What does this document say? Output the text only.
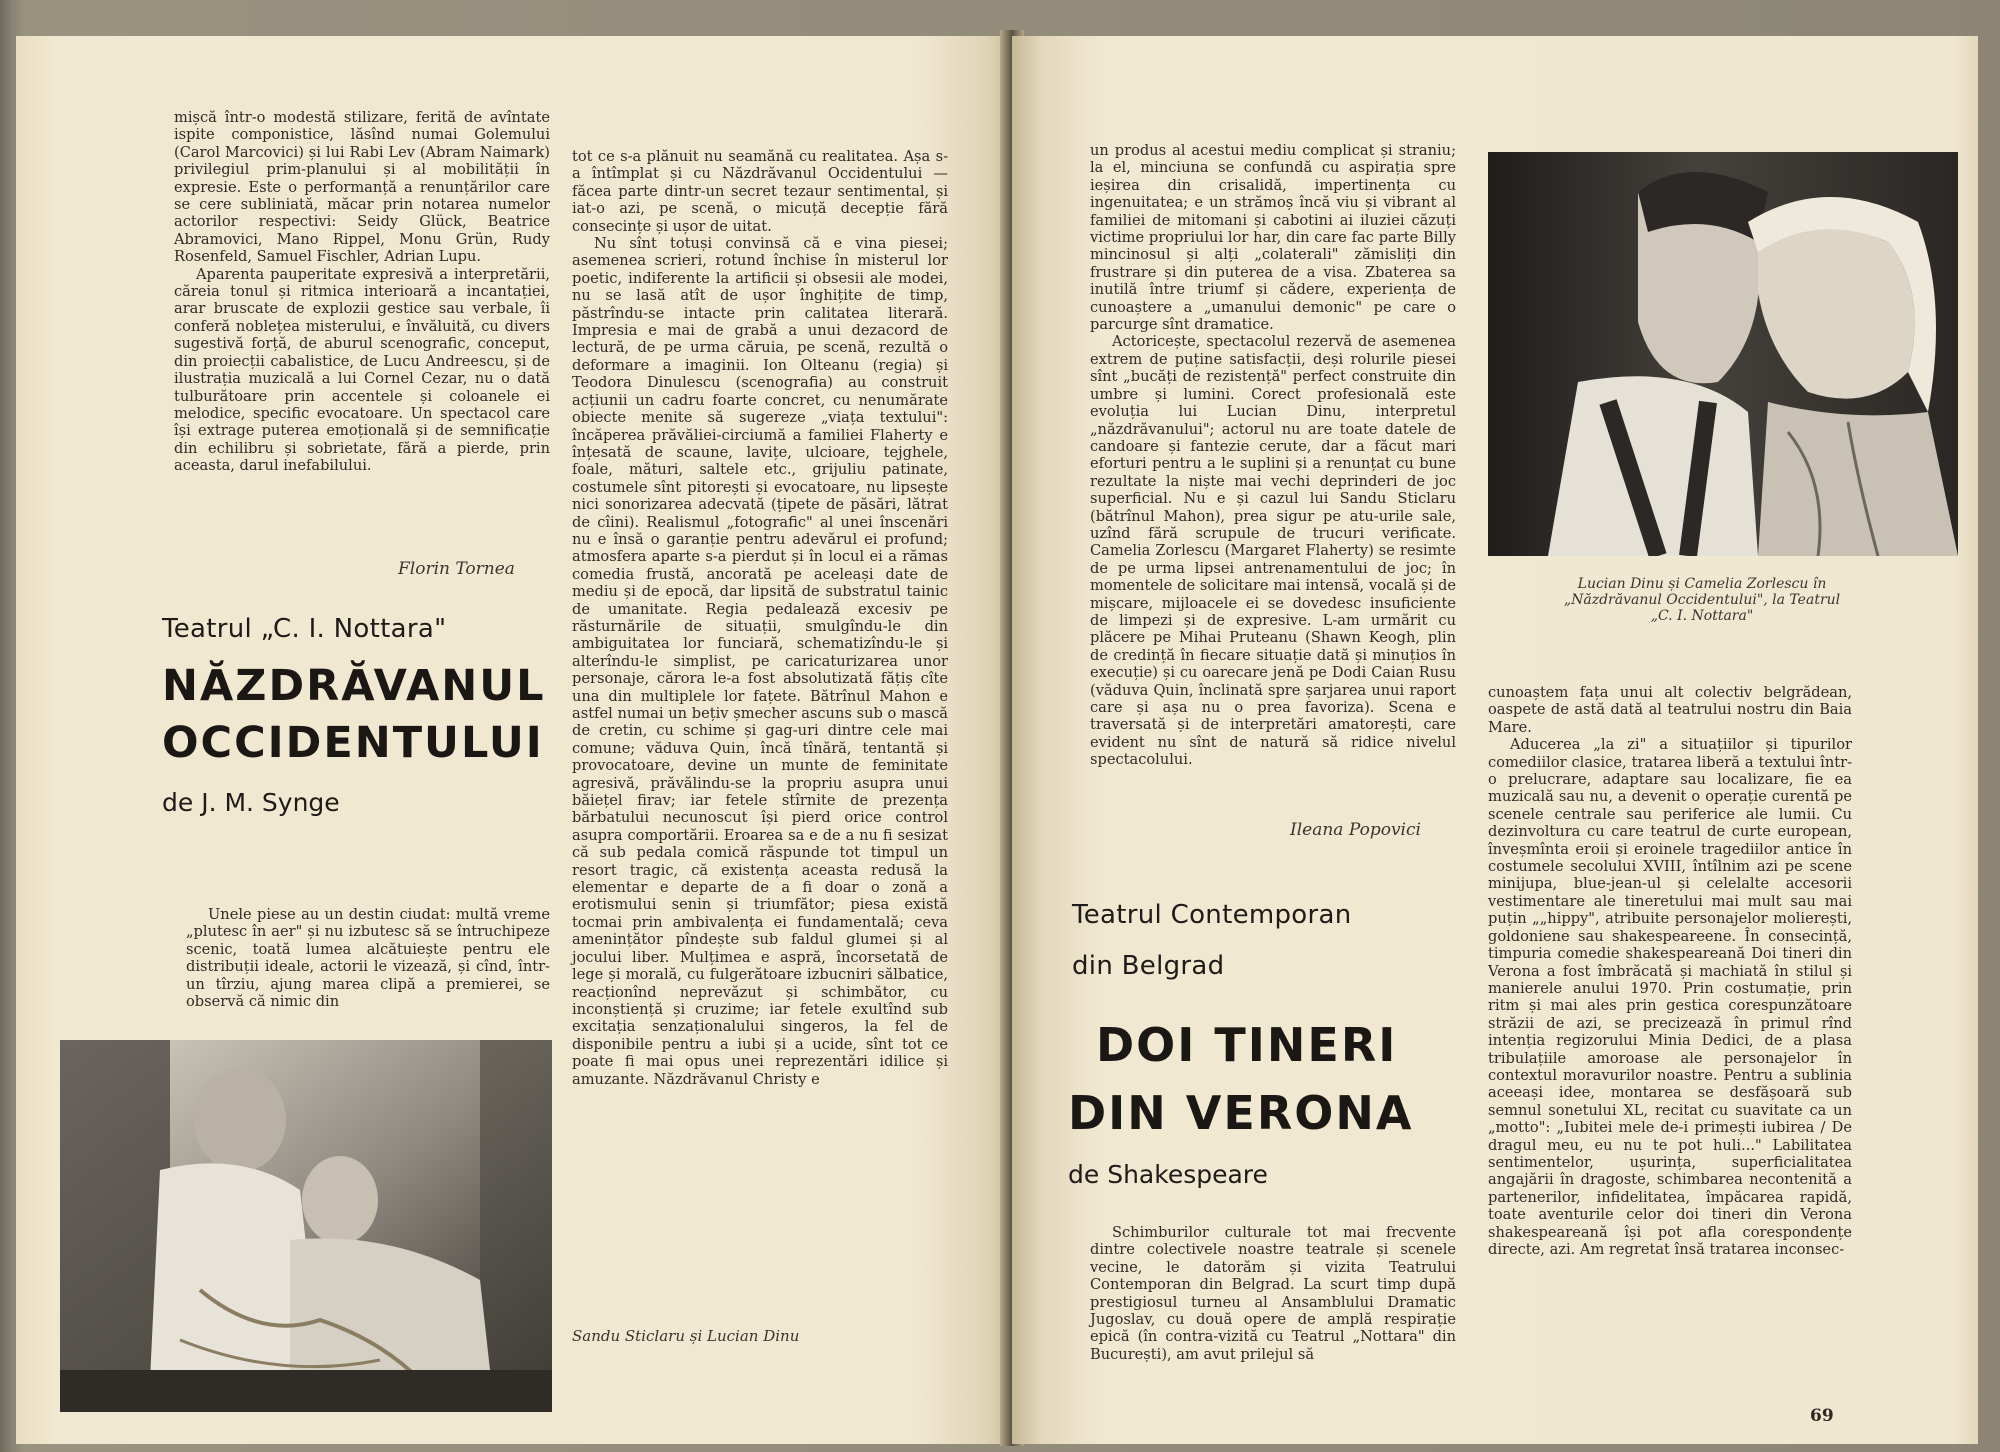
mișcă într-o modestă stilizare, ferită de avîntate ispite componistice, lăsînd numai Golemului (Carol Marcovici) și lui Rabi Lev (Abram Naimark) privilegiul prim-planului și al mobilității în expresie. Este o performanță a renunțărilor care se cere subliniată, măcar prin notarea numelor actorilor respectivi: Seidy Glück, Beatrice Abramovici, Mano Rippel, Monu Grün, Rudy Rosenfeld, Samuel Fischler, Adrian Lupu.

Aparenta pauperitate expresivă a interpretării, căreia tonul și ritmica interioară a incantației, arar bruscate de explozii gestice sau verbale, îi conferă noblețea misterului, e învăluită, cu divers sugestivă forță, de aburul scenografic, conceput, din proiecții cabalistice, de Lucu Andreescu, și de ilustrația muzicală a lui Cornel Cezar, nu o dată tulburătoare prin accentele și coloanele ei melodice, specific evocatoare. Un spectacol care își extrage puterea emoțională și de semnificație din echilibru și sobrietate, fără a pierde, prin aceasta, darul inefabilului.

Florin Tornea
Teatrul „C. I. Nottara"
NĂZDRĂVANUL
OCCIDENTULUI
de J. M. Synge

Unele piese au un destin ciudat: multă vreme „plutesc în aer" și nu izbutesc să se întruchipeze scenic, toată lumea alcătuiește pentru ele distribuții ideale, actorii le vizează, și cînd, într-un tîrziu, ajung marea clipă a premierei, se observă că nimic din

tot ce s-a plănuit nu seamănă cu realitatea. Așa s-a întîmplat și cu Năzdrăvanul Occidentului — făcea parte dintr-un secret tezaur sentimental, și iat-o azi, pe scenă, o micuță decepție fără consecințe și ușor de uitat.

Nu sînt totuși convinsă că e vina piesei; asemenea scrieri, rotund închise în misterul lor poetic, indiferente la artificii și obsesii ale modei, nu se lasă atît de ușor înghițite de timp, păstrîndu-se intacte prin calitatea literară. Impresia e mai de grabă a unui dezacord de lectură, de pe urma căruia, pe scenă, rezultă o deformare a imaginii. Ion Olteanu (regia) și Teodora Dinulescu (scenografia) au construit acțiunii un cadru foarte concret, cu nenumărate obiecte menite să sugereze „viața textului": încăperea prăvăliei-circiumă a familiei Flaherty e înțesată de scaune, lavițe, ulcioare, tejghele, foale, mături, saltele etc., grijuliu patinate, costumele sînt pitorești și evocatoare, nu lipsește nici sonorizarea adecvată (țipete de păsări, lătrat de cîini). Realismul „fotografic" al unei înscenări nu e însă o garanție pentru adevărul ei profund; atmosfera aparte s-a pierdut și în locul ei a rămas comedia frustă, ancorată pe aceleași date de mediu și de epocă, dar lipsită de substratul tainic de umanitate. Regia pedalează excesiv pe răsturnările de situații, smulgîndu-le din ambiguitatea lor funciară, schematizîndu-le și alterîndu-le simplist, pe caricaturizarea unor personaje, cărora le-a fost absolutizată fățiș cîte una din multiplele lor fațete. Bătrînul Mahon e astfel numai un bețiv șmecher ascuns sub o mască de cretin, cu schime și gag-uri dintre cele mai comune; văduva Quin, încă tînără, tentantă și provocatoare, devine un munte de feminitate agresivă, prăvălindu-se la propriu asupra unui băiețel firav; iar fetele stîrnite de prezența bărbatului necunoscut își pierd orice control asupra comportării. Eroarea sa e de a nu fi sesizat că sub pedala comică răspunde tot timpul un resort tragic, că existența aceasta redusă la elementar e departe de a fi doar o zonă a erotismului senin și triumfător; piesa există tocmai prin ambivalența ei fundamentală; ceva amenințător pîndește sub faldul glumei și al jocului liber. Mulțimea e aspră, încorsetată de lege și morală, cu fulgerătoare izbucniri sălbatice, reacționînd neprevăzut și schimbător, cu inconștiență și cruzime; iar fetele exultînd sub excitația senzaționalului singeros, la fel de disponibile pentru a iubi și a ucide, sînt tot ce poate fi mai opus unei reprezentări idilice și amuzante. Năzdrăvanul Christy e

Sandu Sticlaru și Lucian Dinu

un produs al acestui mediu complicat și straniu; la el, minciuna se confundă cu aspirația spre ieșirea din crisalidă, impertinența cu ingenuitatea; e un strămoș încă viu și vibrant al familiei de mitomani și cabotini ai iluziei căzuți victime propriului lor har, din care fac parte Billy mincinosul și alți „colaterali" zămisliți din frustrare și din puterea de a visa. Zbaterea sa inutilă între triumf și cădere, experiența de cunoaștere a „umanului demonic" pe care o parcurge sînt dramatice.

Actoricește, spectacolul rezervă de asemenea extrem de puține satisfacții, deși rolurile piesei sînt „bucăți de rezistență" perfect construite din umbre și lumini. Corect profesională este evoluția lui Lucian Dinu, interpretul „năzdrăvanului"; actorul nu are toate datele de candoare și fantezie cerute, dar a făcut mari eforturi pentru a le suplini și a renunțat cu bune rezultate la niște mai vechi deprinderi de joc superficial. Nu e și cazul lui Sandu Sticlaru (bătrînul Mahon), prea sigur pe atu-urile sale, uzînd fără scrupule de trucuri verificate. Camelia Zorlescu (Margaret Flaherty) se resimte de pe urma lipsei antrenamentului de joc; în momentele de solicitare mai intensă, vocală și de mișcare, mijloacele ei se dovedesc insuficiente de limpezi și de expresive. L-am urmărit cu plăcere pe Mihai Pruteanu (Shawn Keogh, plin de credință în fiecare situație dată și minuțios în execuție) și cu oarecare jenă pe Dodi Caian Rusu (văduva Quin, înclinată spre șarjarea unui raport care și așa nu o prea favoriza). Scena e traversată și de interpretări amatorești, care evident nu sînt de natură să ridice nivelul spectacolului.

Ileana Popovici
Teatrul Contemporan
din Belgrad
DOI TINERI
DIN VERONA
de Shakespeare

Schimburilor culturale tot mai frecvente dintre colectivele noastre teatrale și scenele vecine, le datorăm și vizita Teatrului Contemporan din Belgrad. La scurt timp după prestigiosul turneu al Ansamblului Dramatic Jugoslav, cu două opere de amplă respirație epică (în contra-vizită cu Teatrul „Nottara" din București), am avut prilejul să

Lucian Dinu și Camelia Zorlescu în „Năzdrăvanul Occidentului", la Teatrul „C. I. Nottara"

cunoaștem fața unui alt colectiv belgrădean, oaspete de astă dată al teatrului nostru din Baia Mare.

Aducerea „la zi" a situațiilor și tipurilor comediilor clasice, tratarea liberă a textului într-o prelucrare, adaptare sau localizare, fie ea muzicală sau nu, a devenit o operație curentă pe scenele centrale sau periferice ale lumii. Cu dezinvoltura cu care teatrul de curte european, înveșmînta eroii și eroinele tragediilor antice în costumele secolului XVIII, întîlnim azi pe scene minijupa, blue-jean-ul și celelalte accesorii vestimentare ale tineretului mai mult sau mai puțin „„hippy", atribuite personajelor molierești, goldoniene sau shakespeareene. În consecință, timpuria comedie shakespeareană Doi tineri din Verona a fost îmbrăcată și machiată în stilul și manierele anului 1970. Prin costumație, prin ritm și mai ales prin gestica corespunzătoare străzii de azi, se precizează în primul rînd intenția regizorului Minia Dedici, de a plasa tribulațiile amoroase ale personajelor în contextul moravurilor noastre. Pentru a sublinia aceeași idee, montarea se desfășoară sub semnul sonetului XL, recitat cu suavitate ca un „motto": „Iubitei mele de-i primești iubirea / De dragul meu, eu nu te pot huli..." Labilitatea sentimentelor, ușurința, superficialitatea angajării în dragoste, schimbarea necontenită a partenerilor, infidelitatea, împăcarea rapidă, toate aventurile celor doi tineri din Verona shakespeareană își pot afla corespondențe directe, azi. Am regretat însă tratarea inconsec-

69
